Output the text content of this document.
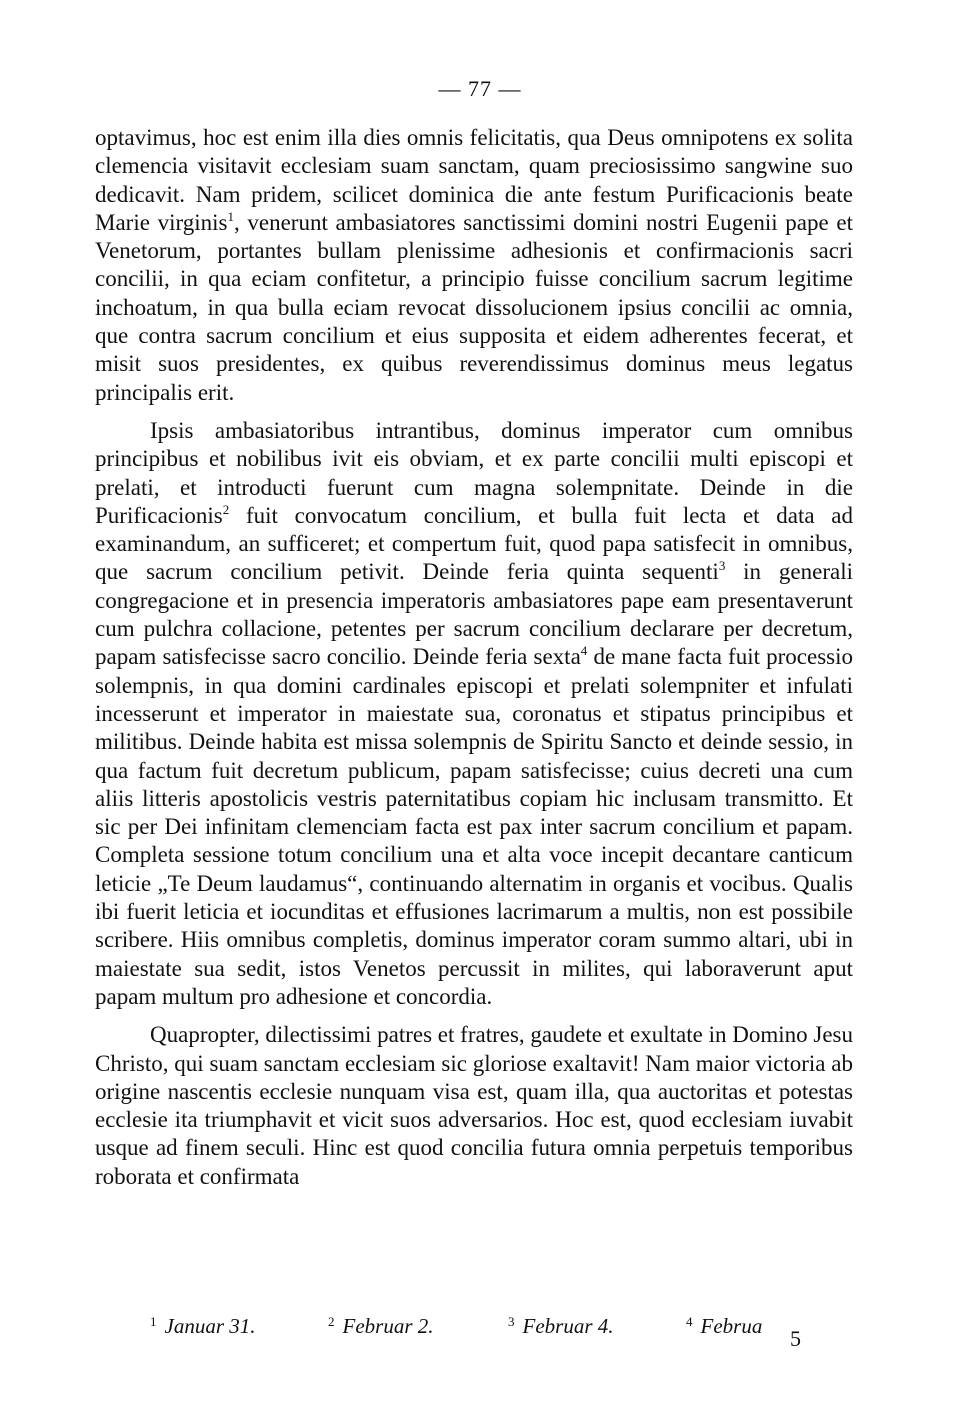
— 77 —

optavimus, hoc est enim illa dies omnis felicitatis, qua Deus omnipotens ex solita clemencia visitavit ecclesiam suam sanctam, quam preciosissimo sangwine suo dedicavit. Nam pridem, scilicet dominica die ante festum Purificacionis beate Marie virginis$^1$, venerunt ambasiatores sanctissimi domini nostri Eugenii pape et Venetorum, portantes bullam plenissime adhesionis et confirmacionis sacri concilii, in qua eciam confitetur, a principio fuisse concilium sacrum legitime inchoatum, in qua bulla eciam revocat dissolucionem ipsius concilii ac omnia, que contra sacrum concilium et eius supposita et eidem adherentes fecerat, et misit suos presidentes, ex quibus reverendissimus dominus meus legatus principalis erit.

Ipsis ambasiatoribus intrantibus, dominus imperator cum omnibus principibus et nobilibus ivit eis obviam, et ex parte concilii multi episcopi et prelati, et introducti fuerunt cum magna solempnitate. Deinde in die Purificacionis$^2$ fuit convocatum concilium, et bulla fuit lecta et data ad examinandum, an sufficeret; et compertum fuit, quod papa satisfecit in omnibus, que sacrum concilium petivit. Deinde feria quinta sequenti$^3$ in generali congregacione et in presencia imperatoris ambasiatores pape eam presentaverunt cum pulchra collacione, petentes per sacrum concilium declarare per decretum, papam satisfecisse sacro concilio. Deinde feria sexta$^4$ de mane facta fuit processio solempnis, in qua domini cardinales episcopi et prelati solempniter et infulati incesserunt et imperator in maiestate sua, coronatus et stipatus principibus et militibus. Deinde habita est missa solempnis de Spiritu Sancto et deinde sessio, in qua factum fuit decretum publicum, papam satisfecisse; cuius decreti una cum aliis litteris apostolicis vestris paternitatibus copiam hic inclusam transmitto. Et sic per Dei infinitam clemenciam facta est pax inter sacrum concilium et papam. Completa sessione totum concilium una et alta voce incepit decantare canticum leticie „Te Deum laudamus“, continuando alternatim in organis et vocibus. Qualis ibi fuerit leticia et iocunditas et effusiones lacrimarum a multis, non est possibile scribere. Hiis omnibus completis, dominus imperator coram summo altari, ubi in maiestate sua sedit, istos Venetos percussit in milites, qui laboraverunt aput papam multum pro adhesione et concordia.

Quapropter, dilectissimi patres et fratres, gaudete et exultate in Domino Jesu Christo, qui suam sanctam ecclesiam sic gloriose exaltavit! Nam maior victoria ab origine nascentis ecclesie nunquam visa est, quam illa, qua auctoritas et potestas ecclesie ita triumphavit et vicit suos adversarios. Hoc est, quod ecclesiam iuvabit usque ad finem seculi. Hinc est quod concilia futura omnia perpetuis temporibus roborata et confirmata

$^1$ Januar 31.	$^2$ Februar 2.	$^3$ Februar 4.	$^4$ Februa 5
